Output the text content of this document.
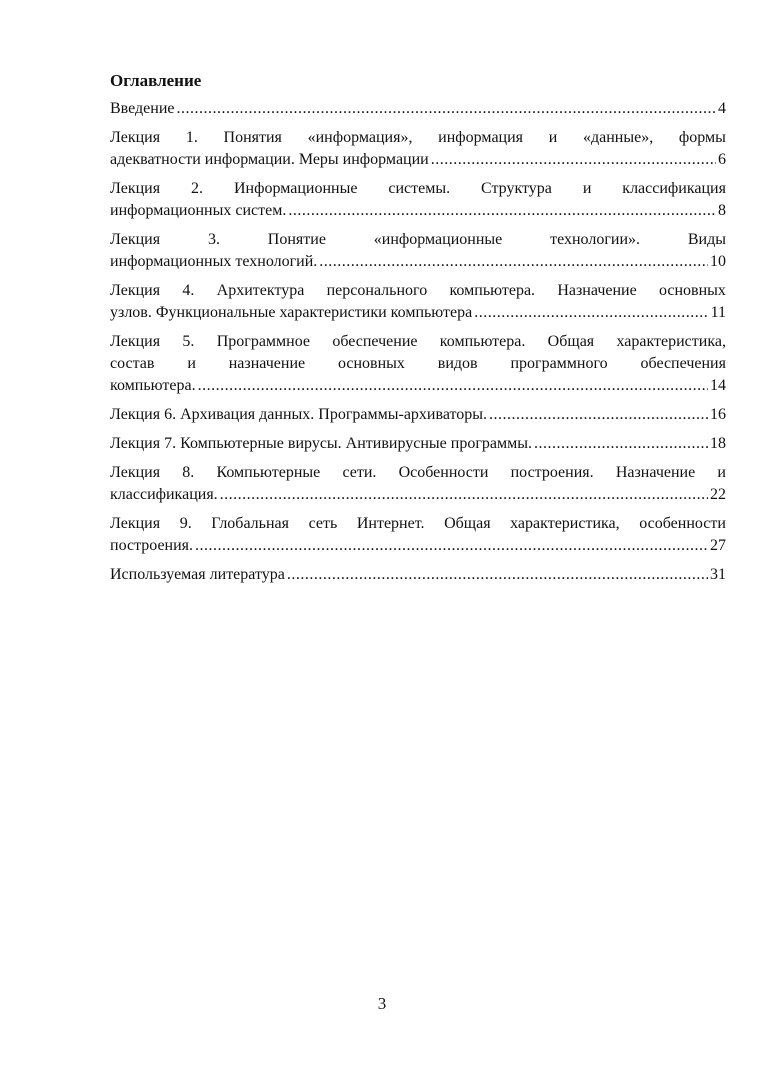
Оглавление
Введение .....	4
Лекция 1. Понятия «информация», информация и «данные», формы
адекватности информации. Меры информации .....	6
Лекция 2. Информационные системы. Структура и классификация
информационных систем. .....	8
Лекция	3.	Понятие	«информационные	технологии».	Виды
информационных технологий. .....	10
Лекция 4. Архитектура персонального компьютера. Назначение основных
узлов. Функциональные характеристики компьютера .....	11
Лекция 5. Программное обеспечение компьютера. Общая характеристика,
состав и назначение основных видов программного обеспечения
компьютера. .....	14
Лекция 6. Архивация данных. Программы-архиваторы. .....	16
Лекция 7. Компьютерные вирусы. Антивирусные программы. .....	18
Лекция 8. Компьютерные сети. Особенности построения. Назначение и
классификация. .....	22
Лекция 9. Глобальная сеть Интернет. Общая характеристика, особенности
построения. .....	27
Используемая литература .....	31
3
